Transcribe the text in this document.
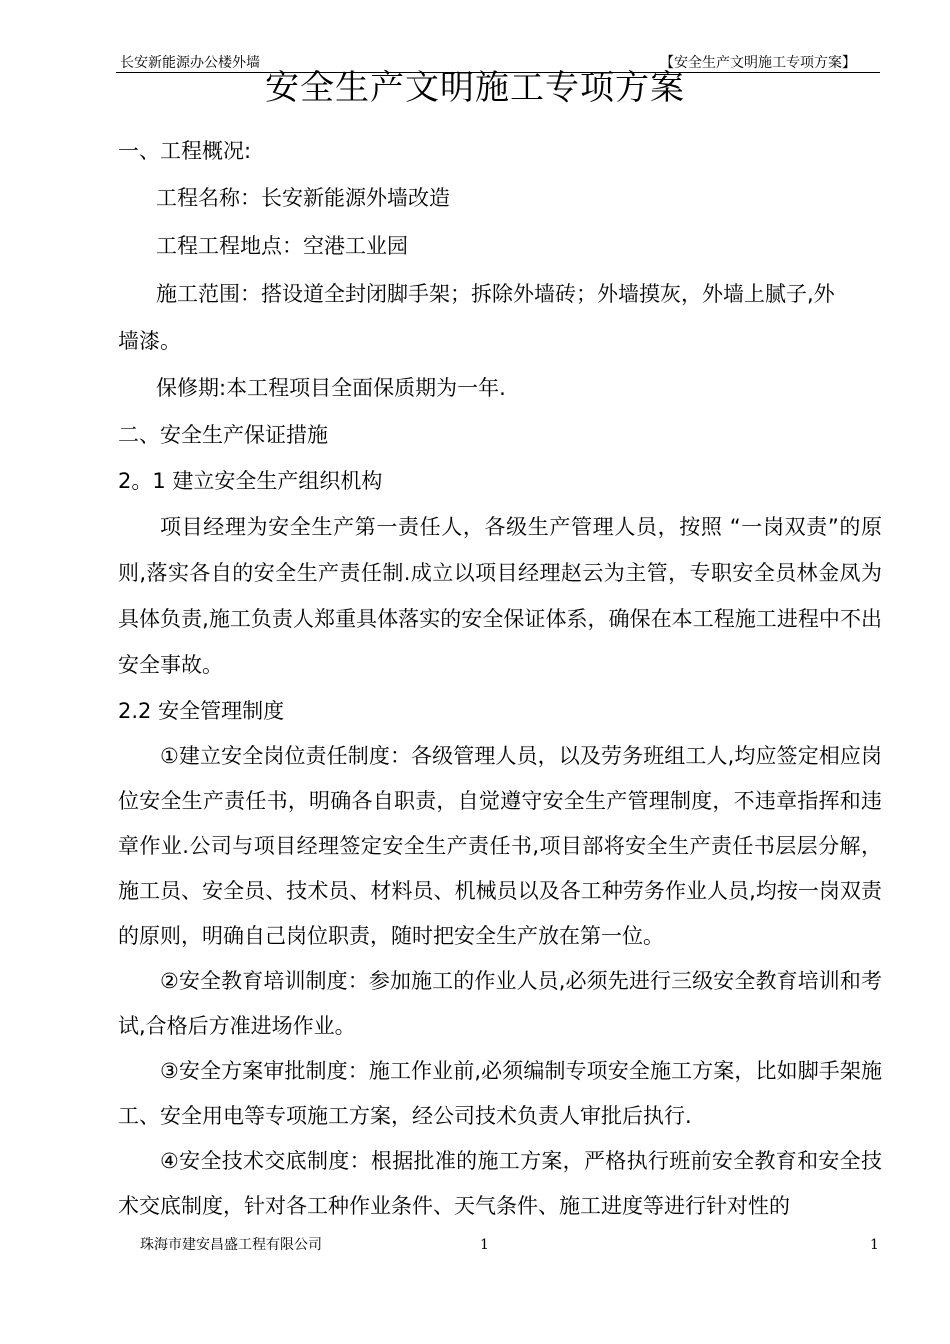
长安新能源办公楼外墙	【安全生产文明施工专项方案】
安全生产文明施工专项方案

一、工程概况:

工程名称：长安新能源外墙改造

工程工程地点：空港工业园

施工范围：搭设道全封闭脚手架；拆除外墙砖；外墙摸灰，外墙上腻子,外

墙漆。

保修期:本工程项目全面保质期为一年.

二、安全生产保证措施

2。1 建立安全生产组织机构

项目经理为安全生产第一责任人，各级生产管理人员，按照 “一岗双责”的原则,落实各自的安全生产责任制.成立以项目经理赵云为主管，专职安全员林金凤为具体负责,施工负责人郑重具体落实的安全保证体系，确保在本工程施工进程中不出安全事故。

2.2 安全管理制度

①建立安全岗位责任制度：各级管理人员，以及劳务班组工人,均应签定相应岗位安全生产责任书，明确各自职责，自觉遵守安全生产管理制度，不违章指挥和违章作业.公司与项目经理签定安全生产责任书,项目部将安全生产责任书层层分解，施工员、安全员、技术员、材料员、机械员以及各工种劳务作业人员,均按一岗双责的原则，明确自己岗位职责，随时把安全生产放在第一位。

②安全教育培训制度：参加施工的作业人员,必须先进行三级安全教育培训和考试,合格后方准进场作业。

③安全方案审批制度：施工作业前,必须编制专项安全施工方案，比如脚手架施工、安全用电等专项施工方案，经公司技术负责人审批后执行.

④安全技术交底制度：根据批准的施工方案，严格执行班前安全教育和安全技术交底制度，针对各工种作业条件、天气条件、施工进度等进行针对性的

珠海市建安昌盛工程有限公司	1	1
